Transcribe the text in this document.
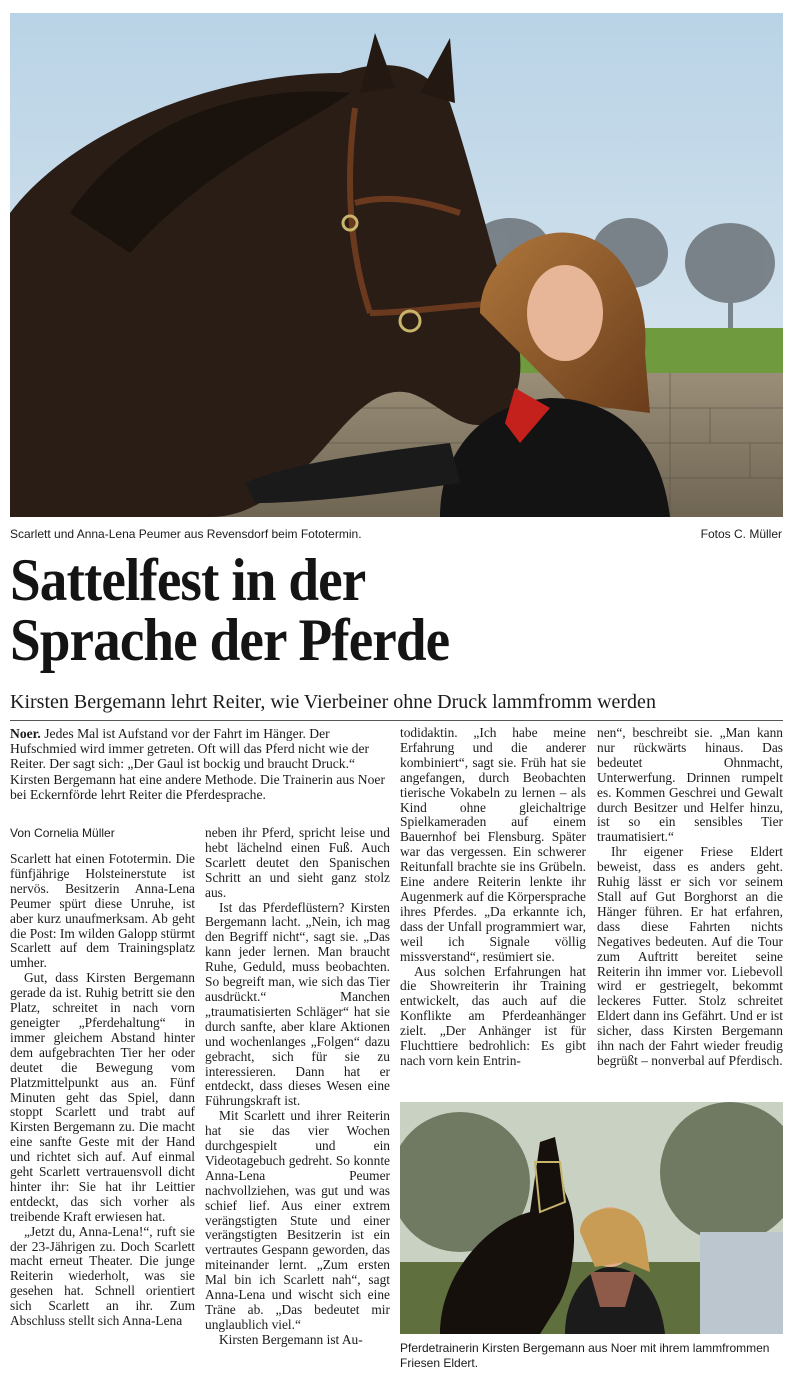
Scarlett und Anna-Lena Peumer aus Revensdorf beim Fototermin.	Fotos C. Müller
Sattelfest in der
Sprache der Pferde
Kirsten Bergemann lehrt Reiter, wie Vierbeiner ohne Druck lammfromm werden
Noer. Jedes Mal ist Aufstand vor der Fahrt im Hänger. Der Hufschmied wird immer getreten. Oft will das Pferd nicht wie der Reiter. Der sagt sich: „Der Gaul ist bockig und braucht Druck.“ Kirsten Bergemann hat eine andere Methode. Die Trainerin aus Noer bei Eckernförde lehrt Reiter die Pferdesprache.
Von Cornelia Müller

Scarlett hat einen Fototermin. Die fünfjährige Holsteinerstute ist nervös. Besitzerin Anna-Lena Peumer spürt diese Unruhe, ist aber kurz unaufmerksam. Ab geht die Post: Im wilden Galopp stürmt Scarlett auf dem Trainingsplatz umher.

Gut, dass Kirsten Bergemann gerade da ist. Ruhig betritt sie den Platz, schreitet in nach vorn geneigter „Pferdehaltung“ in immer gleichem Abstand hinter dem aufgebrachten Tier her oder deutet die Bewegung vom Platzmittelpunkt aus an. Fünf Minuten geht das Spiel, dann stoppt Scarlett und trabt auf Kirsten Bergemann zu. Die macht eine sanfte Geste mit der Hand und richtet sich auf. Auf einmal geht Scarlett vertrauensvoll dicht hinter ihr: Sie hat ihr Leittier entdeckt, das sich vorher als treibende Kraft erwiesen hat.

„Jetzt du, Anna-Lena!“, ruft sie der 23-Jährigen zu. Doch Scarlett macht erneut Theater. Die junge Reiterin wiederholt, was sie gesehen hat. Schnell orientiert sich Scarlett an ihr. Zum Abschluss stellt sich Anna-Lena

neben ihr Pferd, spricht leise und hebt lächelnd einen Fuß. Auch Scarlett deutet den Spanischen Schritt an und sieht ganz stolz aus.

Ist das Pferdeflüstern? Kirsten Bergemann lacht. „Nein, ich mag den Begriff nicht“, sagt sie. „Das kann jeder lernen. Man braucht Ruhe, Geduld, muss beobachten. So begreift man, wie sich das Tier ausdrückt.“ Manchen „traumatisierten Schläger“ hat sie durch sanfte, aber klare Aktionen und wochenlanges „Folgen“ dazu gebracht, sich für sie zu interessieren. Dann hat er entdeckt, dass dieses Wesen eine Führungskraft ist.

Mit Scarlett und ihrer Reiterin hat sie das vier Wochen durchgespielt und ein Videotagebuch gedreht. So konnte Anna-Lena Peumer nachvollziehen, was gut und was schief lief. Aus einer extrem verängstigten Stute und einer verängstigten Besitzerin ist ein vertrautes Gespann geworden, das miteinander lernt. „Zum ersten Mal bin ich Scarlett nah“, sagt Anna-Lena und wischt sich eine Träne ab. „Das bedeutet mir unglaublich viel.“

Kirsten Bergemann ist Au-

todidaktin. „Ich habe meine Erfahrung und die anderer kombiniert“, sagt sie. Früh hat sie angefangen, durch Beobachten tierische Vokabeln zu lernen – als Kind ohne gleichaltrige Spielkameraden auf einem Bauernhof bei Flensburg. Später war das vergessen. Ein schwerer Reitunfall brachte sie ins Grübeln. Eine andere Reiterin lenkte ihr Augenmerk auf die Körpersprache ihres Pferdes. „Da erkannte ich, dass der Unfall programmiert war, weil ich Signale völlig missverstand“, resümiert sie.

Aus solchen Erfahrungen hat die Showreiterin ihr Training entwickelt, das auch auf die Konflikte am Pferdeanhänger zielt. „Der Anhänger ist für Fluchttiere bedrohlich: Es gibt nach vorn kein Entrin-

nen“, beschreibt sie. „Man kann nur rückwärts hinaus. Das bedeutet Ohnmacht, Unterwerfung. Drinnen rumpelt es. Kommen Geschrei und Gewalt durch Besitzer und Helfer hinzu, ist so ein sensibles Tier traumatisiert.“

Ihr eigener Friese Eldert beweist, dass es anders geht. Ruhig lässt er sich vor seinem Stall auf Gut Borghorst an die Hänger führen. Er hat erfahren, dass diese Fahrten nichts Negatives bedeuten. Auf die Tour zum Auftritt bereitet seine Reiterin ihn immer vor. Liebevoll wird er gestriegelt, bekommt leckeres Futter. Stolz schreitet Eldert dann ins Gefährt. Und er ist sicher, dass Kirsten Bergemann ihn nach der Fahrt wieder freudig begrüßt – nonverbal auf Pferdisch.

Pferdetrainerin Kirsten Bergemann aus Noer mit ihrem lammfrommen Friesen Eldert.
